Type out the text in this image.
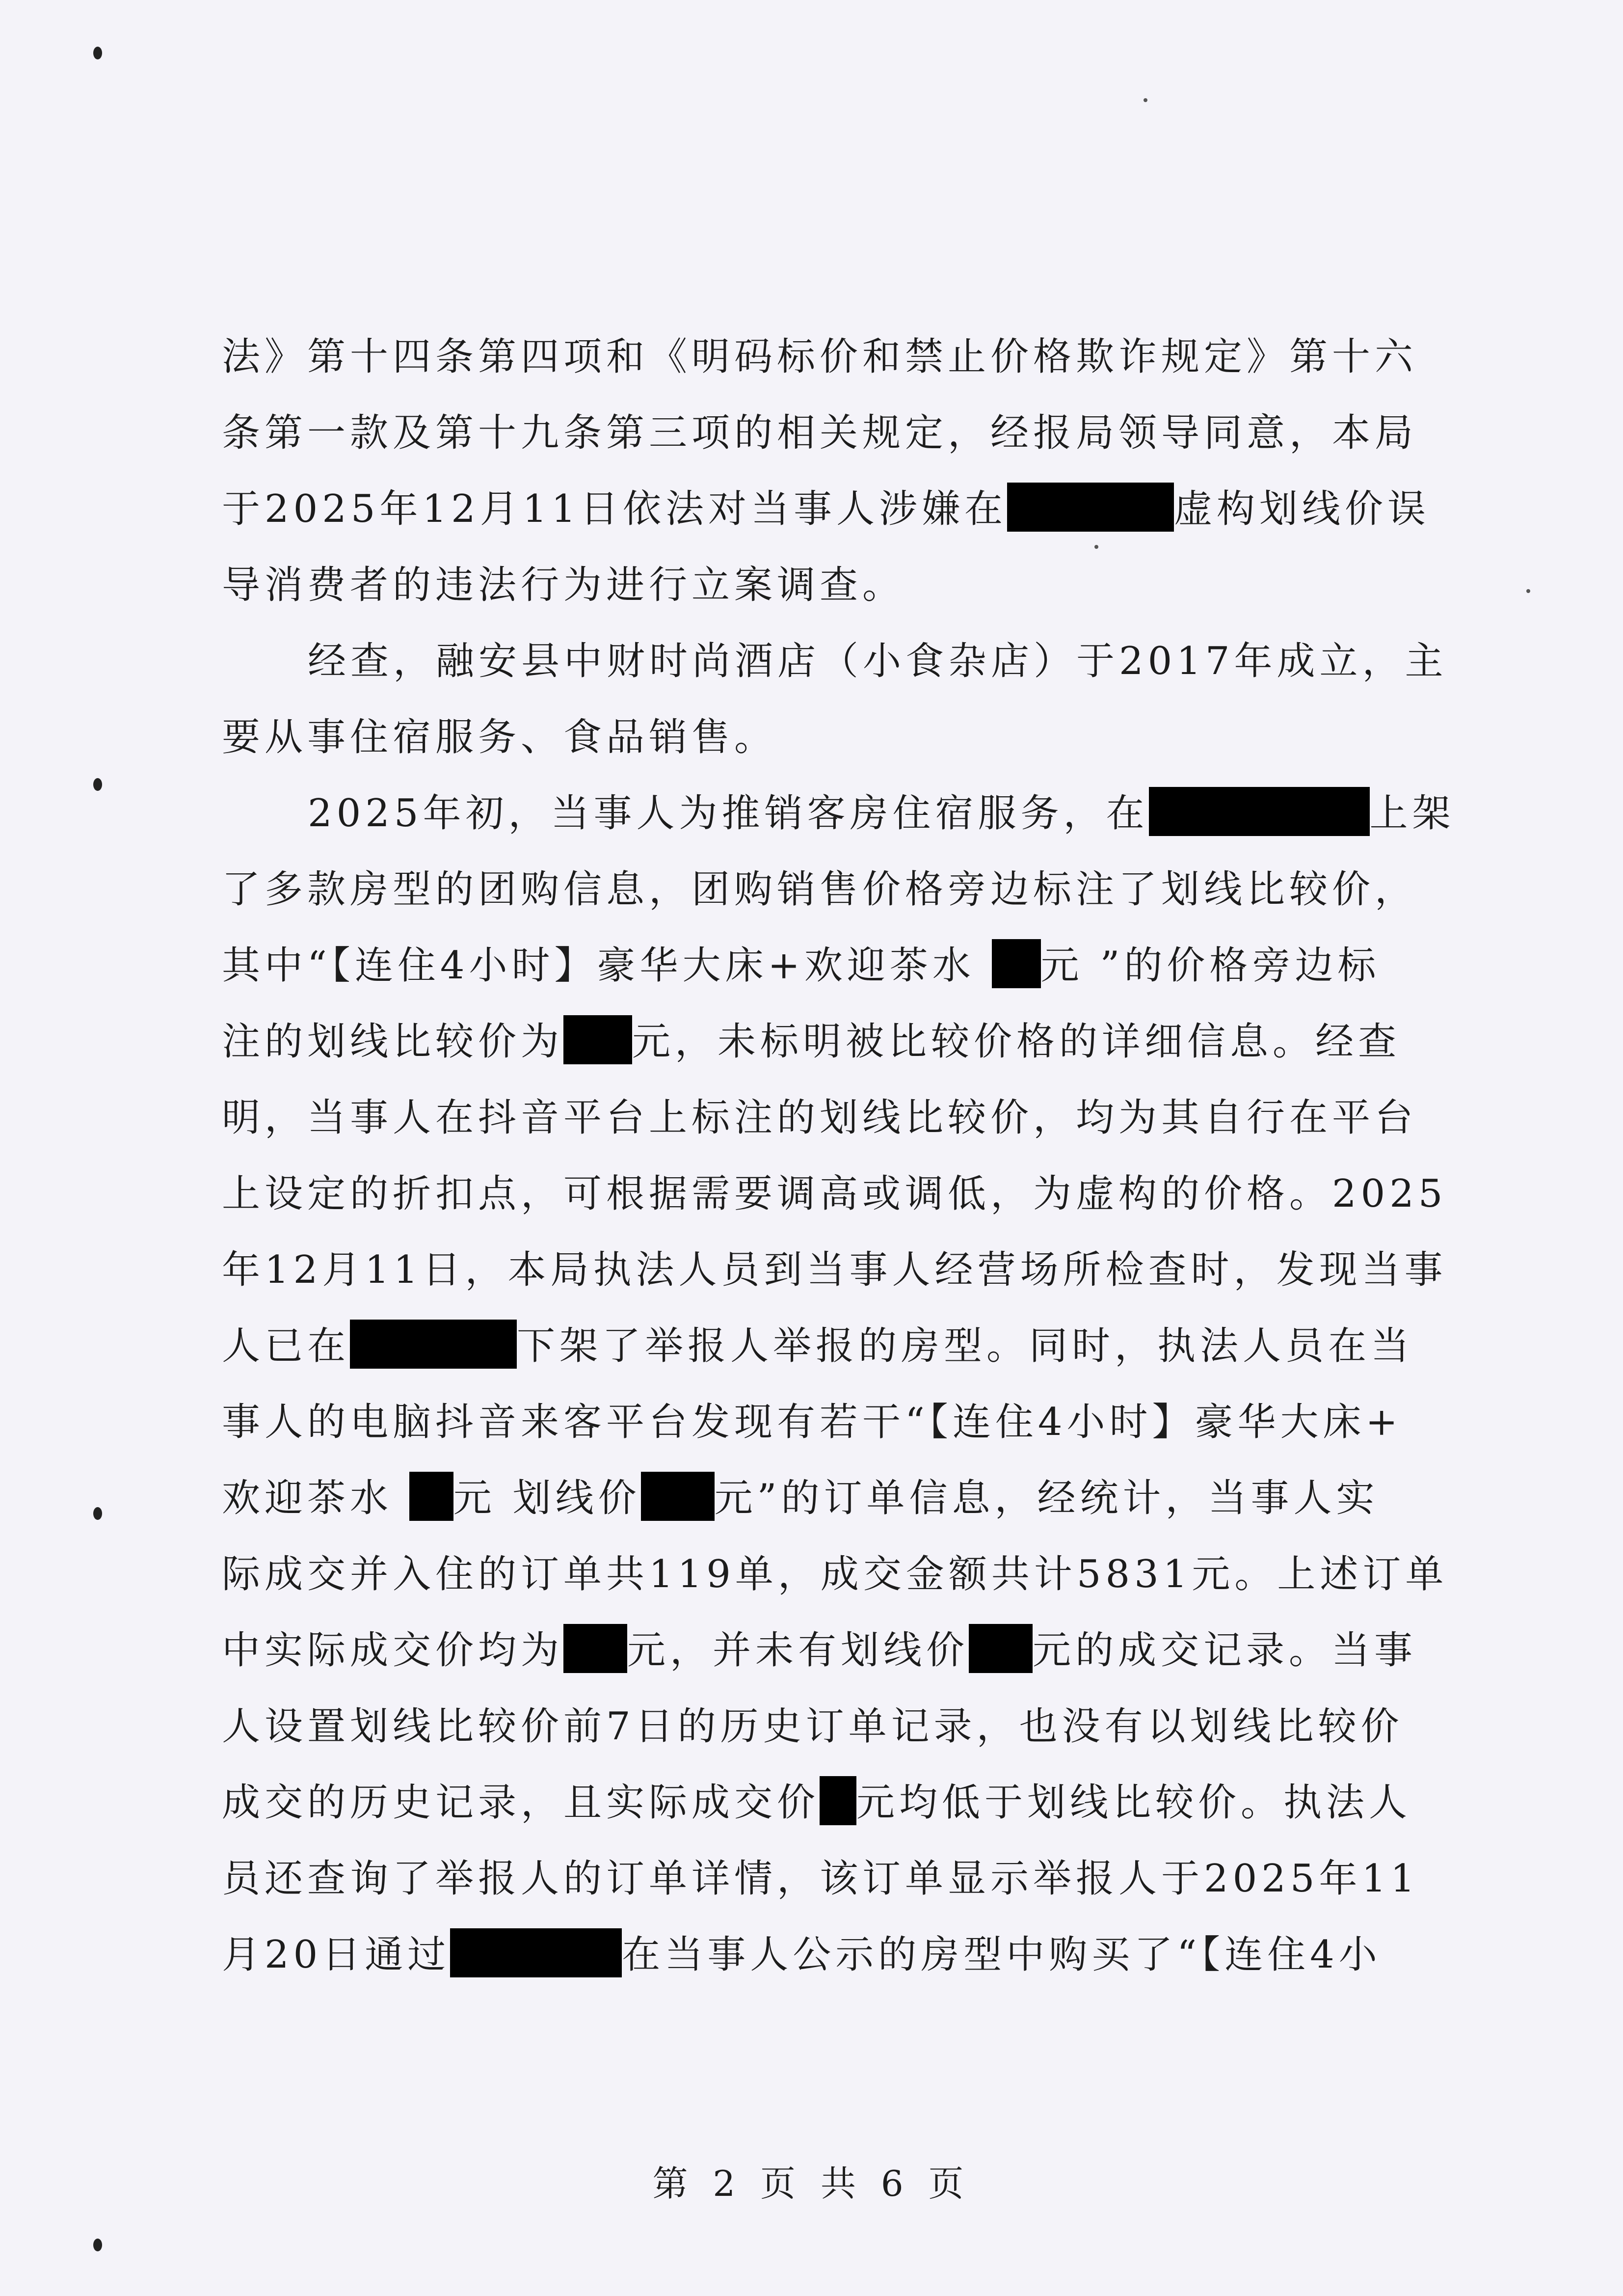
法》第十四条第四项和《明码标价和禁止价格欺诈规定》第十六
条第一款及第十九条第三项的相关规定，经报局领导同意，本局
于2025年12月11日依法对当事人涉嫌在	虚构划线价误
导消费者的违法行为进行立案调查。
经查，融安县中财时尚酒店（小食杂店）于2017年成立，主
要从事住宿服务、食品销售。
2025年初，当事人为推销客房住宿服务，在	上架
了多款房型的团购信息，团购销售价格旁边标注了划线比较价，
其中“【连住4小时】豪华大床+欢迎茶水 元 ”的价格旁边标
注的划线比较价为 元，未标明被比较价格的详细信息。经查
明，当事人在抖音平台上标注的划线比较价，均为其自行在平台
上设定的折扣点，可根据需要调高或调低，为虚构的价格。2025
年12月11日，本局执法人员到当事人经营场所检查时，发现当事
人已在	下架了举报人举报的房型。同时，执法人员在当
事人的电脑抖音来客平台发现有若干“【连住4小时】豪华大床+
欢迎茶水 元 划线价 元”的订单信息，经统计，当事人实
际成交并入住的订单共119单，成交金额共计5831元。上述订单
中实际成交价均为 元，并未有划线价 元的成交记录。当事
人设置划线比较价前7日的历史订单记录，也没有以划线比较价
成交的历史记录，且实际成交价 元均低于划线比较价。执法人
员还查询了举报人的订单详情，该订单显示举报人于2025年11
月20日通过	在当事人公示的房型中购买了“【连住4小
第 2 页 共 6 页
